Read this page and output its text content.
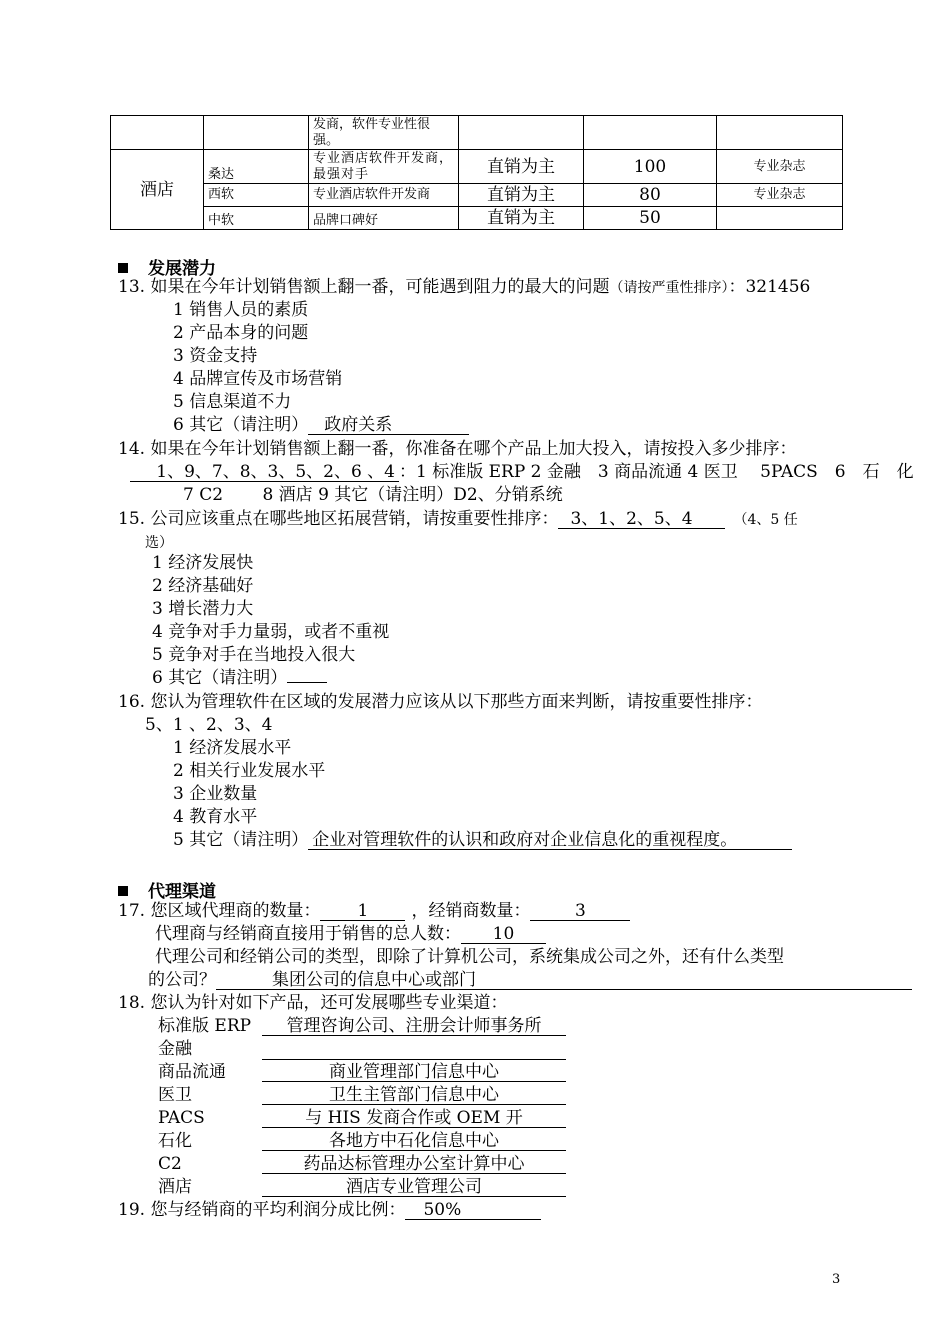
		发商，软件专业性很强。			
酒店	桑达	专业酒店软件开发商，最强对手	直销为主	100	专业杂志
	西软	专业酒店软件开发商	直销为主	80	专业杂志
	中软	品牌口碑好	直销为主	50	
发展潜力
13. 如果在今年计划销售额上翻一番，可能遇到阻力的最大的问题（请按严重性排序）：321456
1 销售人员的素质
2 产品本身的问题
3 资金支持
4 品牌宣传及市场营销
5 信息渠道不力
6 其它（请注明） 政府关系
14. 如果在今年计划销售额上翻一番，你准备在哪个产品上加大投入，请按投入多少排序：
1、9、7、8、3、5、2、6 、4 ：1 标准版 ERP 2 金融　3 商品流通 4 医卫　 5PACS　6　石　化
7 C2　　 8 酒店 9 其它（请注明）D2、分销系统
15. 公司应该重点在哪些地区拓展营销，请按重要性排序： 3、1、2、5、4	（4、5 任
选）
1 经济发展快
2 经济基础好
3 增长潜力大
4 竞争对手力量弱，或者不重视
5 竞争对手在当地投入很大
6 其它（请注明）
16. 您认为管理软件在区域的发展潜力应该从以下那些方面来判断，请按重要性排序：
5、1 、2、3、4
1 经济发展水平
2 相关行业发展水平
3 企业数量
4 教育水平
5 其它（请注明） 企业对管理软件的认识和政府对企业信息化的重视程度。
代理渠道
17. 您区域代理商的数量： 1	，经销商数量：	3
代理商与经销商直接用于销售的总人数： 10
代理公司和经销公司的类型，即除了计算机公司，系统集成公司之外，还有什么类型
的公司？	集团公司的信息中心或部门
18. 您认为针对如下产品，还可发展哪些专业渠道：
标准版 ERP 管理咨询公司、注册会计师事务所
金融
商品流通	商业管理部门信息中心
医卫	卫生主管部门信息中心
PACS	与 HIS 发商合作或 OEM 开
石化	各地方中石化信息中心
C2	药品达标管理办公室计算中心
酒店	酒店专业管理公司
19. 您与经销商的平均利润分成比例： 50%
3
